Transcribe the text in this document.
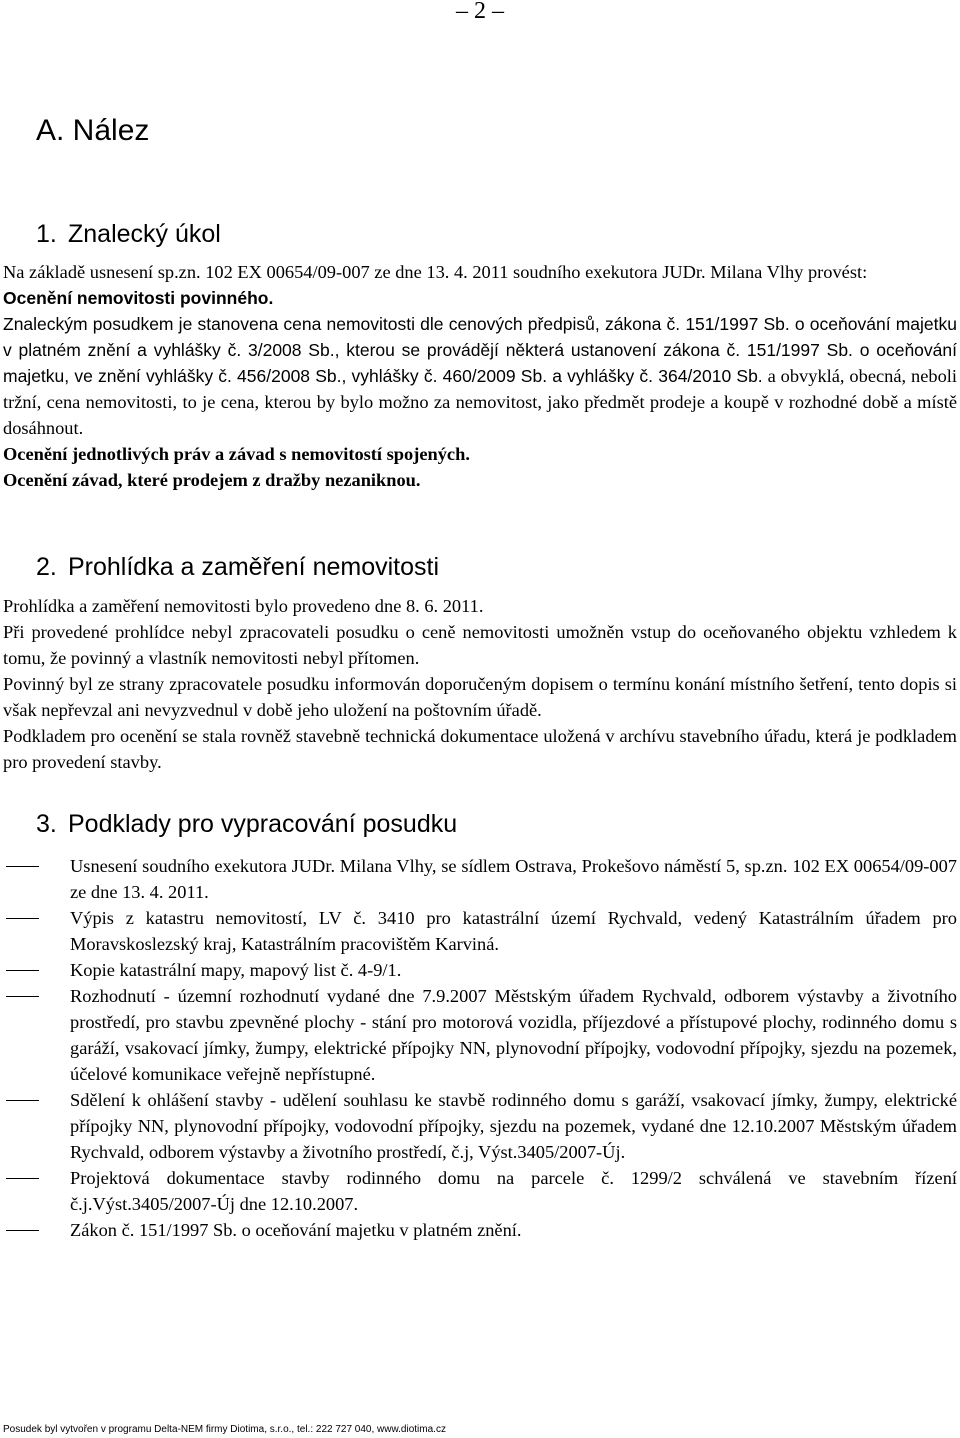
– 2 –
A. Nález
1. Znalecký úkol

Na základě usnesení sp.zn. 102 EX 00654/09-007 ze dne 13. 4. 2011 soudního exekutora JUDr. Milana Vlhy provést:

Ocenění nemovitosti povinného.

Znaleckým posudkem je stanovena cena nemovitosti dle cenových předpisů, zákona č. 151/1997 Sb. o oceňování majetku v platném znění a vyhlášky č. 3/2008 Sb., kterou se provádějí některá ustanovení zákona č. 151/1997 Sb. o oceňování majetku, ve znění vyhlášky č. 456/2008 Sb., vyhlášky č. 460/2009 Sb. a vyhlášky č. 364/2010 Sb. a obvyklá, obecná, neboli tržní, cena nemovitosti, to je cena, kterou by bylo možno za nemovitost, jako předmět prodeje a koupě v rozhodné době a místě dosáhnout.

Ocenění jednotlivých práv a závad s nemovitostí spojených.

Ocenění závad, které prodejem z dražby nezaniknou.

2. Prohlídka a zaměření nemovitosti

Prohlídka a zaměření nemovitosti bylo provedeno dne 8. 6. 2011.

Při provedené prohlídce nebyl zpracovateli posudku o ceně nemovitosti umožněn vstup do oceňovaného objektu vzhledem k tomu, že povinný a vlastník nemovitosti nebyl přítomen.

Povinný byl ze strany zpracovatele posudku informován doporučeným dopisem o termínu konání místního šetření, tento dopis si však nepřevzal ani nevyzvednul v době jeho uložení na poštovním úřadě.

Podkladem pro ocenění se stala rovněž stavebně technická dokumentace uložená v archívu stavebního úřadu, která je podkladem pro provedení stavby.

3. Podklady pro vypracování posudku
Usnesení soudního exekutora JUDr. Milana Vlhy, se sídlem Ostrava, Prokešovo náměstí 5, sp.zn. 102 EX 00654/09-007 ze dne 13. 4. 2011.
Výpis z katastru nemovitostí, LV č. 3410 pro katastrální území Rychvald, vedený Katastrálním úřadem pro Moravskoslezský kraj, Katastrálním pracovištěm Karviná.
Kopie katastrální mapy, mapový list č. 4-9/1.
Rozhodnutí - územní rozhodnutí vydané dne 7.9.2007 Městským úřadem Rychvald, odborem výstavby a životního prostředí, pro stavbu zpevněné plochy - stání pro motorová vozidla, příjezdové a přístupové plochy, rodinného domu s garáží, vsakovací jímky, žumpy, elektrické přípojky NN, plynovodní přípojky, vodovodní přípojky, sjezdu na pozemek, účelové komunikace veřejně nepřístupné.
Sdělení k ohlášení stavby - udělení souhlasu ke stavbě rodinného domu s garáží, vsakovací jímky, žumpy, elektrické přípojky NN, plynovodní přípojky, vodovodní přípojky, sjezdu na pozemek, vydané dne 12.10.2007 Městským úřadem Rychvald, odborem výstavby a životního prostředí, č.j, Výst.3405/2007-Új.
Projektová dokumentace stavby rodinného domu na parcele č. 1299/2 schválená ve stavebním řízení č.j.Výst.3405/2007-Új dne 12.10.2007.
Zákon č. 151/1997 Sb. o oceňování majetku v platném znění.
Posudek byl vytvořen v programu Delta-NEM firmy Diotima, s.r.o., tel.: 222 727 040, www.diotima.cz
